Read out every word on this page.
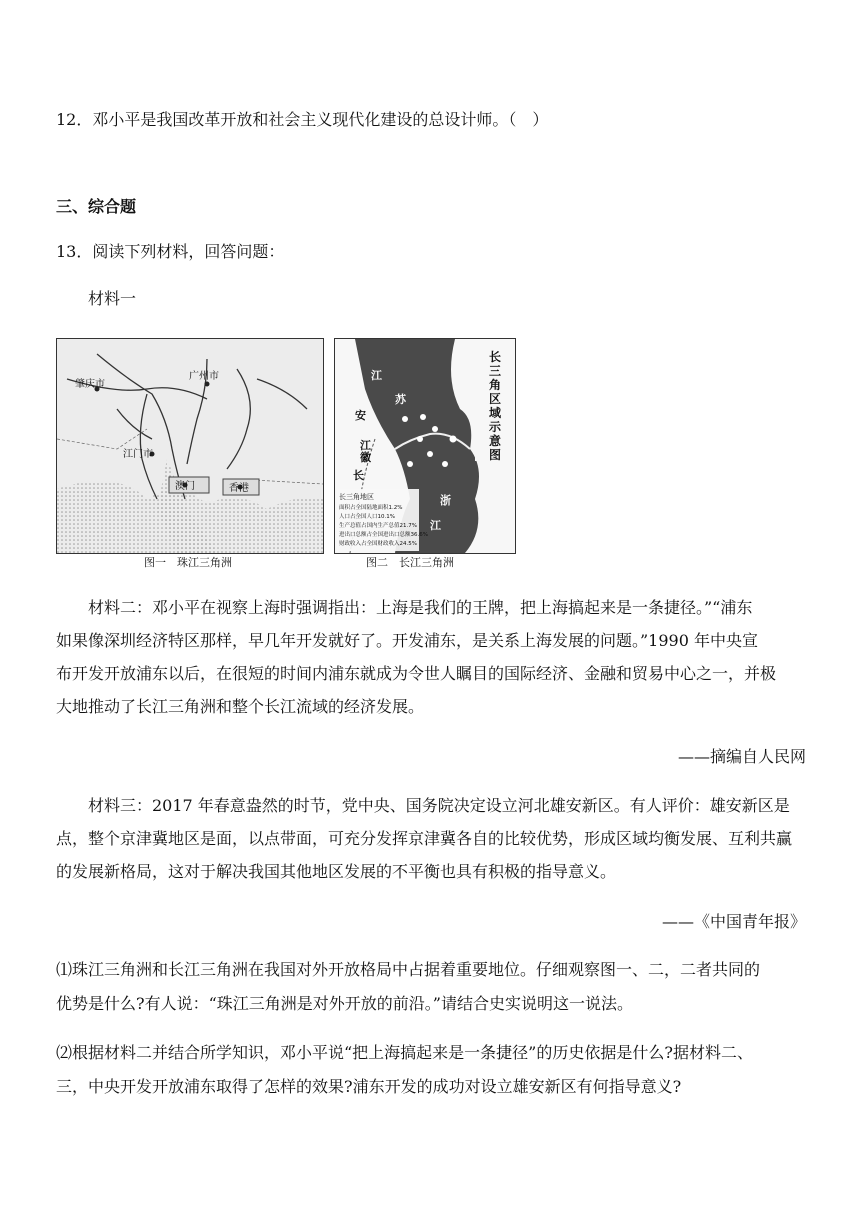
12．邓小平是我国改革开放和社会主义现代化建设的总设计师。（　）
三、综合题
13．阅读下列材料，回答问题：
材料一
肇庆市
广州市
江门市
澳门	香港
图一　珠江三角洲
长
三
角
区
域
示
意
图
江
苏
浙
江
安
江
徽
长
长三角地区
面积占全国陆地面积1.2%
人口占全国人口10.1%
生产总值占国内生产总值21.7%
进出口总额占全国进出口总额36.6%
财政收入占全国财政收入24.5%
图二　长江三角洲
材料二：邓小平在视察上海时强调指出：上海是我们的王牌，把上海搞起来是一条捷径。”“浦东
如果像深圳经济特区那样，早几年开发就好了。开发浦东，是关系上海发展的问题。”1990 年中央宣
布开发开放浦东以后，在很短的时间内浦东就成为令世人瞩目的国际经济、金融和贸易中心之一，并极
大地推动了长江三角洲和整个长江流域的经济发展。
——摘编自人民网
材料三：2017 年春意盎然的时节，党中央、国务院决定设立河北雄安新区。有人评价：雄安新区是
点，整个京津冀地区是面，以点带面，可充分发挥京津冀各自的比较优势，形成区域均衡发展、互利共赢
的发展新格局，这对于解决我国其他地区发展的不平衡也具有积极的指导意义。
——《中国青年报》
⑴珠江三角洲和长江三角洲在我国对外开放格局中占据着重要地位。仔细观察图一、二，二者共同的
优势是什么?有人说：“珠江三角洲是对外开放的前沿。”请结合史实说明这一说法。
⑵根据材料二并结合所学知识，邓小平说“把上海搞起来是一条捷径”的历史依据是什么?据材料二、
三，中央开发开放浦东取得了怎样的效果?浦东开发的成功对设立雄安新区有何指导意义?
